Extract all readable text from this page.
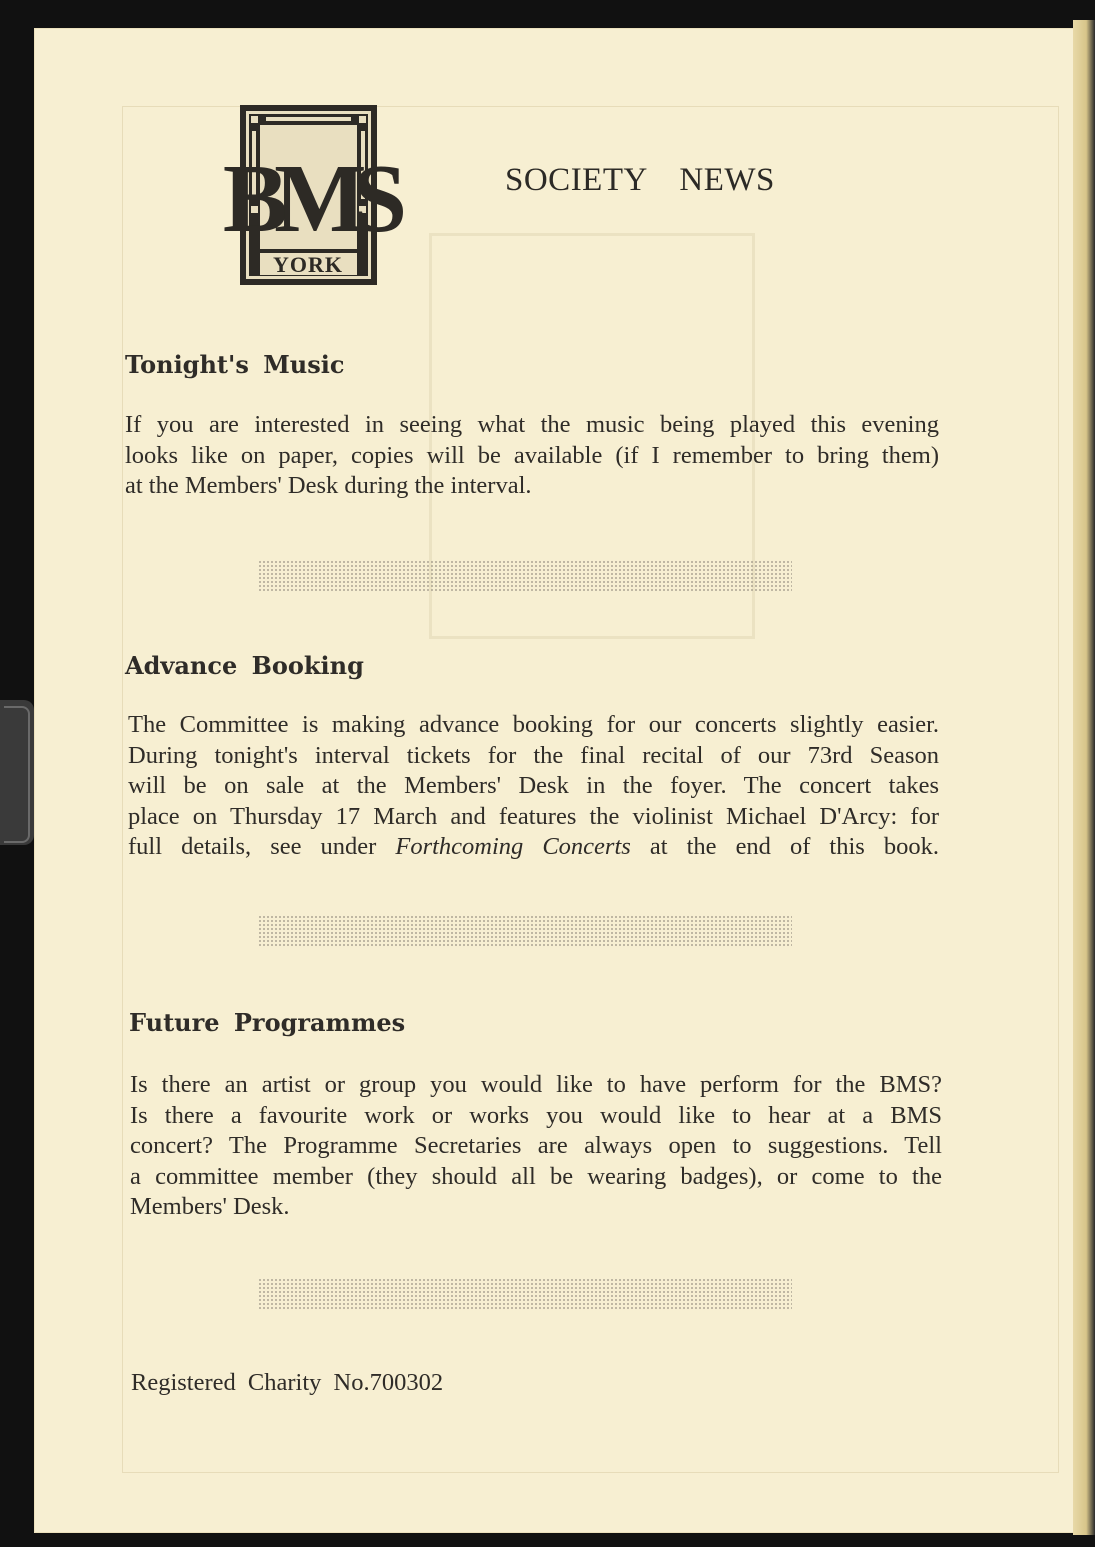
BMS
YORK
SOCIETY NEWS
Tonight's Music
If you are interested in seeing what the music being played this evening
looks like on paper, copies will be available (if I remember to bring them)
at the Members' Desk during the interval.
Advance Booking
The Committee is making advance booking for our concerts slightly easier.
During tonight's interval tickets for the final recital of our 73rd Season
will be on sale at the Members' Desk in the foyer. The concert takes
place on Thursday 17 March and features the violinist Michael D'Arcy: for
full details, see under Forthcoming Concerts at the end of this book.
Future Programmes
Is there an artist or group you would like to have perform for the BMS?
Is there a favourite work or works you would like to hear at a BMS
concert? The Programme Secretaries are always open to suggestions. Tell
a committee member (they should all be wearing badges), or come to the
Members' Desk.
Registered Charity No.700302
